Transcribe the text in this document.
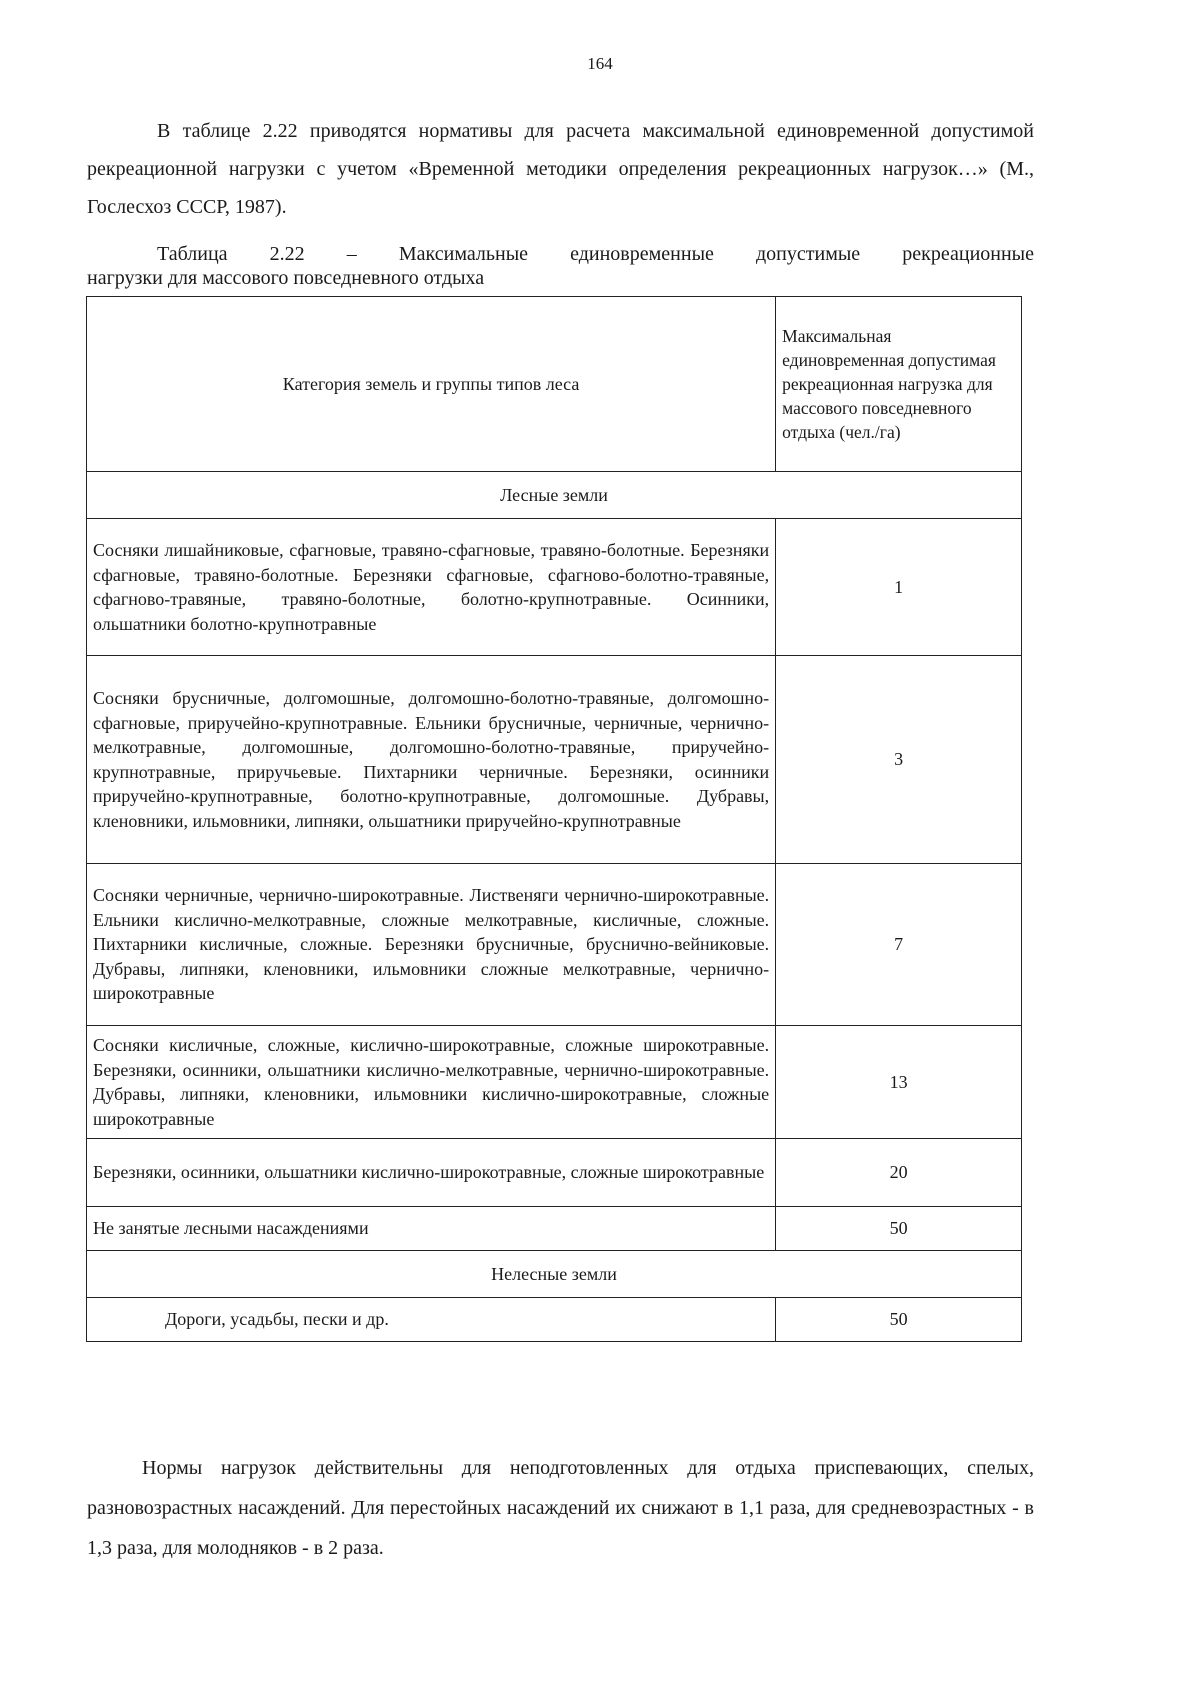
164

В таблице 2.22 приводятся нормативы для расчета максимальной единовременной допустимой рекреационной нагрузки с учетом «Временной методики определения рекреационных нагрузок…» (М., Гослесхоз СССР, 1987).

Таблица 2.22 – Максимальные единовременные допустимые рекреационные
нагрузки для массового повседневного отдыха

Категория земель и группы типов леса	Максимальная единовременная допустимая рекреационная нагрузка для массового повседневного отдыха (чел./га)
Лесные земли	
Сосняки лишайниковые, сфагновые, травяно-сфагновые, травяно-болотные. Березняки сфагновые, травяно-болотные. Березняки сфагновые, сфагново-болотно-травяные, сфагново-травяные, травяно-болотные, болотно-крупнотравные. Осинники, ольшатники болотно-крупнотравные	1
Сосняки брусничные, долгомошные, долгомошно-болотно-травяные, долгомошно-сфагновые, приручейно-крупнотравные. Ельники брусничные, черничные, чернично-мелкотравные, долгомошные, долгомошно-болотно-травяные, приручейно-крупнотравные, приручьевые. Пихтарники черничные. Березняки, осинники приручейно-крупнотравные, болотно-крупнотравные, долгомошные. Дубравы, кленовники, ильмовники, липняки, ольшатники приручейно-крупнотравные	3
Сосняки черничные, чернично-широкотравные. Лиственяги чернично-широкотравные. Ельники кислично-мелкотравные, сложные мелкотравные, кисличные, сложные. Пихтарники кисличные, сложные. Березняки брусничные, бруснично-вейниковые. Дубравы, липняки, кленовники, ильмовники сложные мелкотравные, чернично-широкотравные	7
Сосняки кисличные, сложные, кислично-широкотравные, сложные широкотравные. Березняки, осинники, ольшатники кислично-мелкотравные, чернично-широкотравные. Дубравы, липняки, кленовники, ильмовники кислично-широкотравные, сложные широкотравные	13
Березняки, осинники, ольшатники кислично-широкотравные, сложные широкотравные	20
Не занятые лесными насаждениями	50
Нелесные земли	
Дороги, усадьбы, пески и др.	50

Нормы нагрузок действительны для неподготовленных для отдыха приспевающих, спелых, разновозрастных насаждений. Для перестойных насаждений их снижают в 1,1 раза, для средневозрастных - в 1,3 раза, для молодняков - в 2 раза.
